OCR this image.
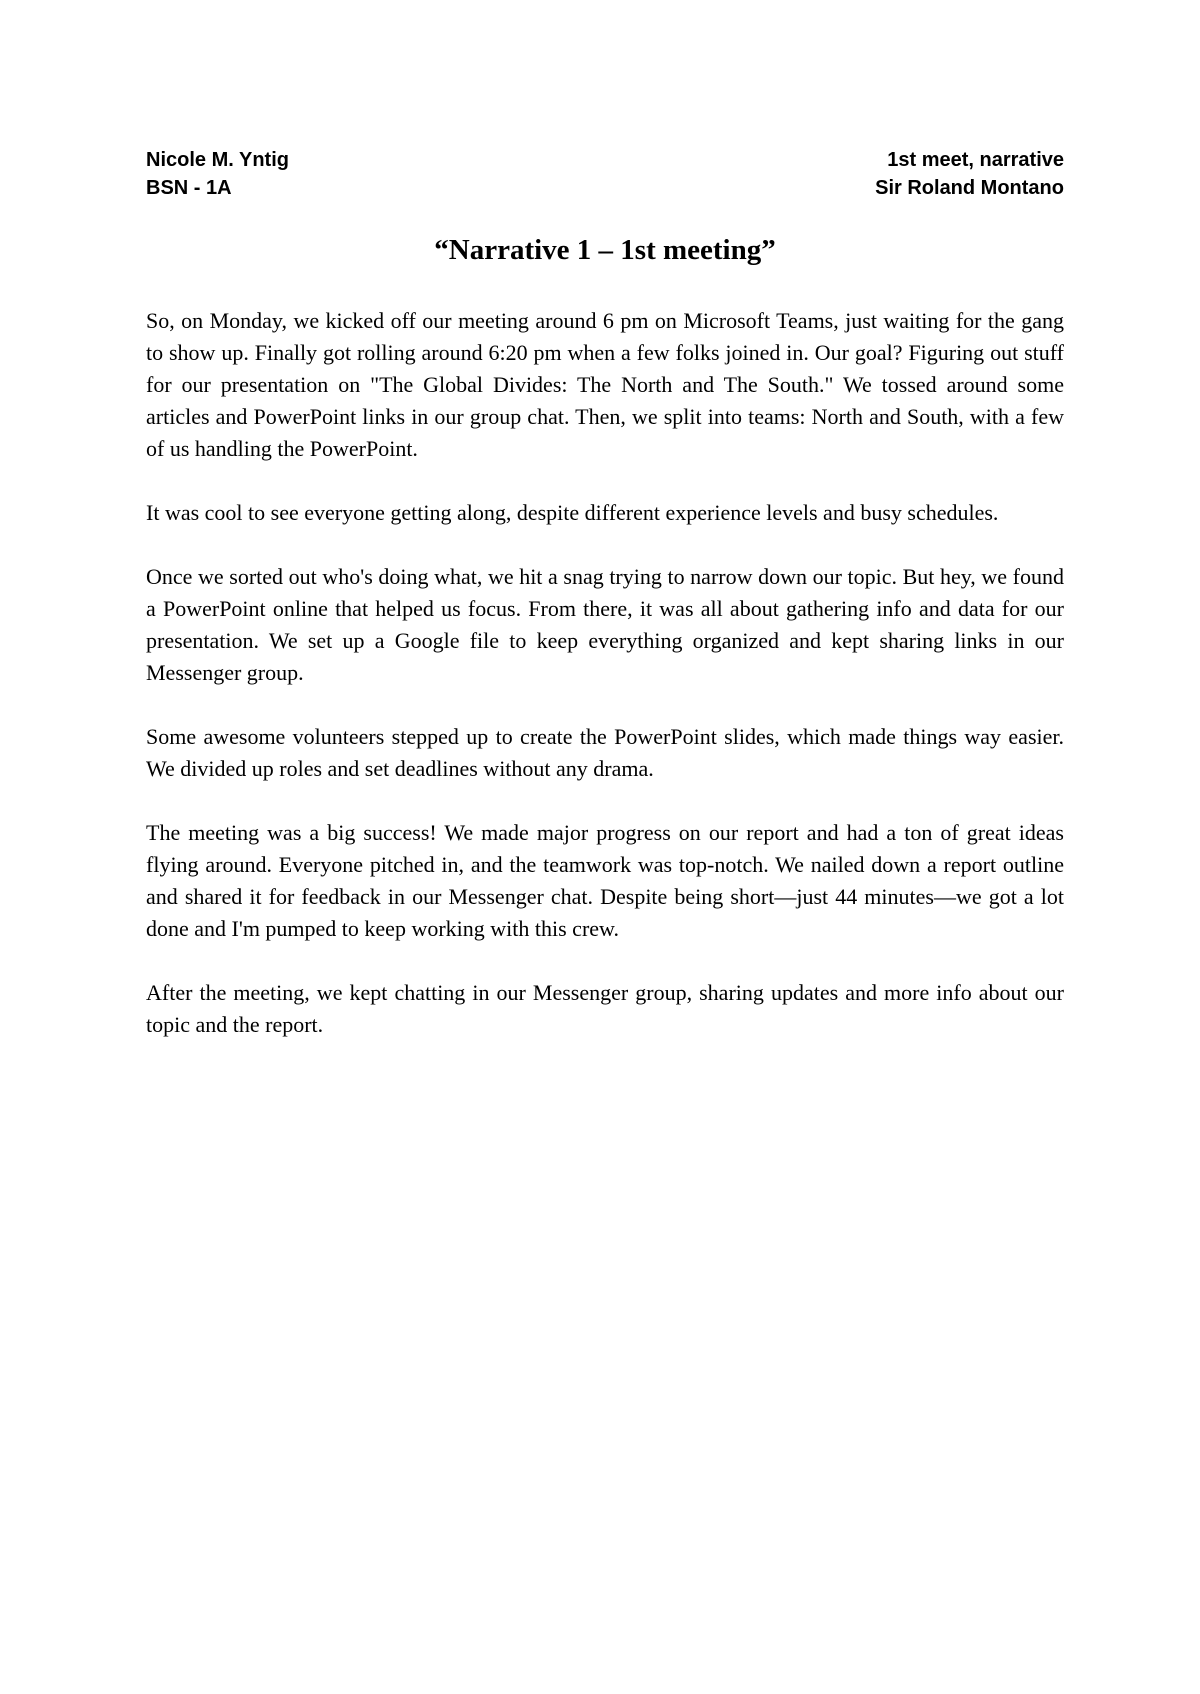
Nicole M. Yntig	1st meet, narrative
BSN - 1A	Sir Roland Montano
“Narrative 1 – 1st meeting”

So, on Monday, we kicked off our meeting around 6 pm on Microsoft Teams, just waiting for the gang to show up. Finally got rolling around 6:20 pm when a few folks joined in. Our goal? Figuring out stuff for our presentation on "The Global Divides: The North and The South." We tossed around some articles and PowerPoint links in our group chat. Then, we split into teams: North and South, with a few of us handling the PowerPoint.

It was cool to see everyone getting along, despite different experience levels and busy schedules.

Once we sorted out who's doing what, we hit a snag trying to narrow down our topic. But hey, we found a PowerPoint online that helped us focus. From there, it was all about gathering info and data for our presentation. We set up a Google file to keep everything organized and kept sharing links in our Messenger group.

Some awesome volunteers stepped up to create the PowerPoint slides, which made things way easier. We divided up roles and set deadlines without any drama.

The meeting was a big success! We made major progress on our report and had a ton of great ideas flying around. Everyone pitched in, and the teamwork was top-notch. We nailed down a report outline and shared it for feedback in our Messenger chat. Despite being short—just 44 minutes—we got a lot done and I'm pumped to keep working with this crew.

After the meeting, we kept chatting in our Messenger group, sharing updates and more info about our topic and the report.
